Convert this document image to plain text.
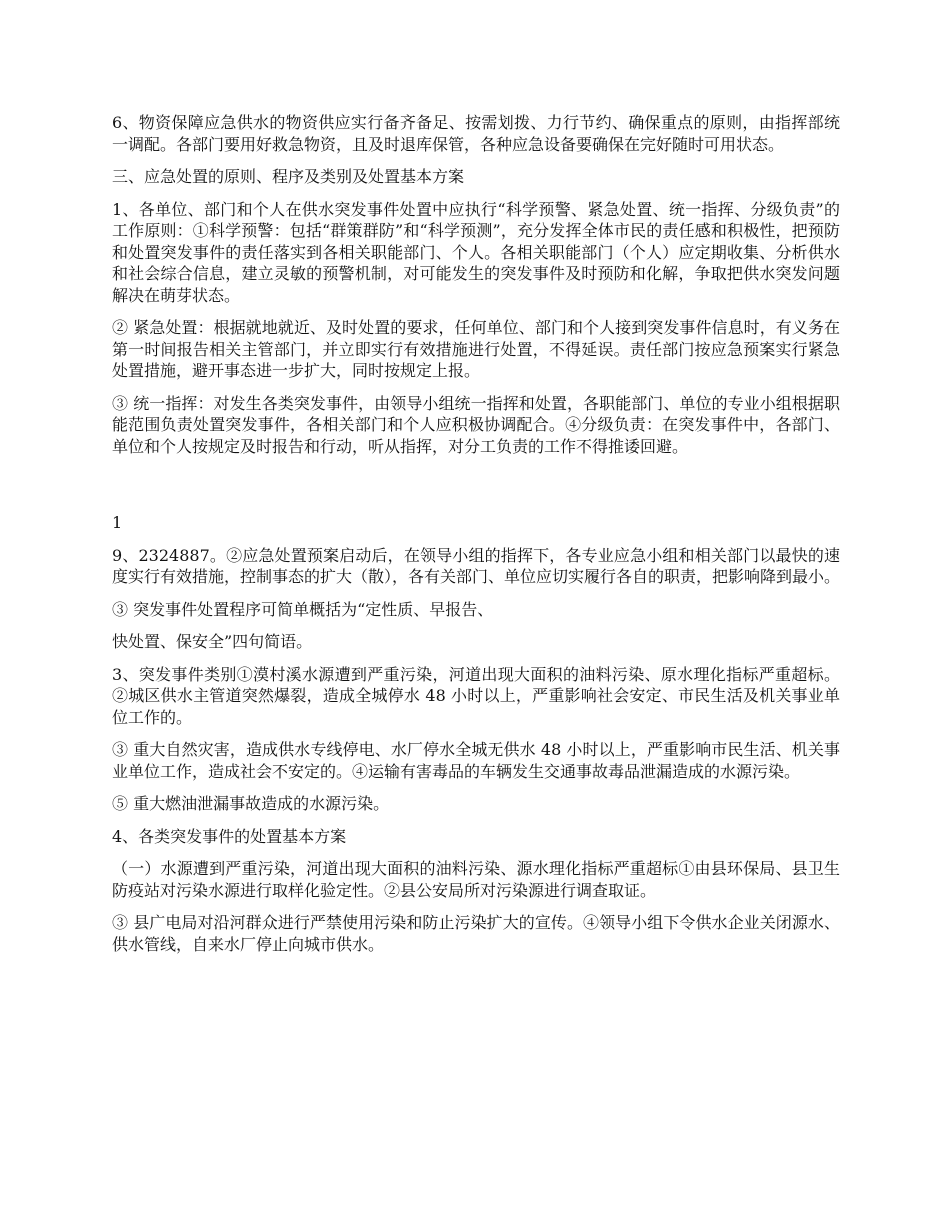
6、物资保障应急供水的物资供应实行备齐备足、按需划拨、力行节约、确保重点的原则，由指挥部统一调配。各部门要用好救急物资，且及时退库保管，各种应急设备要确保在完好随时可用状态。

三、应急处置的原则、程序及类别及处置基本方案

1、各单位、部门和个人在供水突发事件处置中应执行“科学预警、紧急处置、统一指挥、分级负责”的工作原则：①科学预警：包括“群策群防”和“科学预测”，充分发挥全体市民的责任感和积极性，把预防和处置突发事件的责任落实到各相关职能部门、个人。各相关职能部门（个人）应定期收集、分析供水和社会综合信息，建立灵敏的预警机制，对可能发生的突发事件及时预防和化解，争取把供水突发问题解决在萌芽状态。

② 紧急处置：根据就地就近、及时处置的要求，任何单位、部门和个人接到突发事件信息时，有义务在第一时间报告相关主管部门，并立即实行有效措施进行处置，不得延误。责任部门按应急预案实行紧急处置措施，避开事态进一步扩大，同时按规定上报。

③ 统一指挥：对发生各类突发事件，由领导小组统一指挥和处置，各职能部门、单位的专业小组根据职能范围负责处置突发事件，各相关部门和个人应积极协调配合。④分级负责：在突发事件中，各部门、单位和个人按规定及时报告和行动，听从指挥，对分工负责的工作不得推诿回避。

1

9、2324887。②应急处置预案启动后，在领导小组的指挥下，各专业应急小组和相关部门以最快的速度实行有效措施，控制事态的扩大（散），各有关部门、单位应切实履行各自的职责，把影响降到最小。

③ 突发事件处置程序可简单概括为“定性质、早报告、

快处置、保安全”四句简语。

3、突发事件类别①漠村溪水源遭到严重污染，河道出现大面积的油料污染、原水理化指标严重超标。②城区供水主管道突然爆裂，造成全城停水 48 小时以上，严重影响社会安定、市民生活及机关事业单位工作的。

③ 重大自然灾害，造成供水专线停电、水厂停水全城无供水 48 小时以上，严重影响市民生活、机关事业单位工作，造成社会不安定的。④运输有害毒品的车辆发生交通事故毒品泄漏造成的水源污染。

⑤ 重大燃油泄漏事故造成的水源污染。

4、各类突发事件的处置基本方案

（一）水源遭到严重污染，河道出现大面积的油料污染、源水理化指标严重超标①由县环保局、县卫生防疫站对污染水源进行取样化验定性。②县公安局所对污染源进行调查取证。

③ 县广电局对沿河群众进行严禁使用污染和防止污染扩大的宣传。④领导小组下令供水企业关闭源水、供水管线，自来水厂停止向城市供水。
